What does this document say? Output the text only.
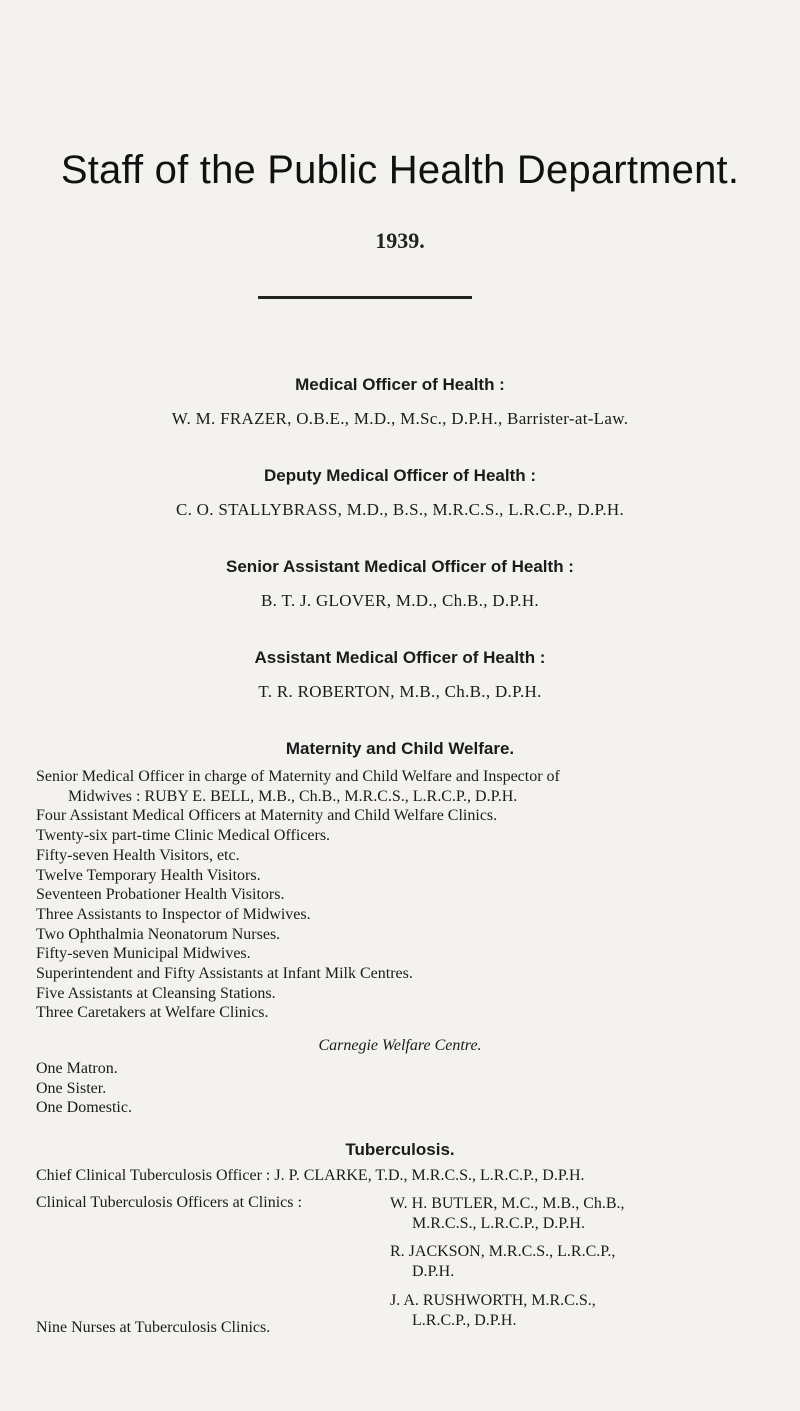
Staff of the Public Health Department.
1939.
Medical Officer of Health :
W. M. FRAZER, O.B.E., M.D., M.Sc., D.P.H., Barrister-at-Law.
Deputy Medical Officer of Health :
C. O. STALLYBRASS, M.D., B.S., M.R.C.S., L.R.C.P., D.P.H.
Senior Assistant Medical Officer of Health :
B. T. J. GLOVER, M.D., Ch.B., D.P.H.
Assistant Medical Officer of Health :
T. R. ROBERTON, M.B., Ch.B., D.P.H.
Maternity and Child Welfare.
Senior Medical Officer in charge of Maternity and Child Welfare and Inspector of
Midwives : RUBY E. BELL, M.B., Ch.B., M.R.C.S., L.R.C.P., D.P.H.
Four Assistant Medical Officers at Maternity and Child Welfare Clinics.
Twenty-six part-time Clinic Medical Officers.
Fifty-seven Health Visitors, etc.
Twelve Temporary Health Visitors.
Seventeen Probationer Health Visitors.
Three Assistants to Inspector of Midwives.
Two Ophthalmia Neonatorum Nurses.
Fifty-seven Municipal Midwives.
Superintendent and Fifty Assistants at Infant Milk Centres.
Five Assistants at Cleansing Stations.
Three Caretakers at Welfare Clinics.
Carnegie Welfare Centre.
One Matron.
One Sister.
One Domestic.
Tuberculosis.
Chief Clinical Tuberculosis Officer : J. P. CLARKE, T.D., M.R.C.S., L.R.C.P., D.P.H.
Clinical Tuberculosis Officers at Clinics :	W. H. BUTLER, M.C., M.B., Ch.B.,
M.R.C.S., L.R.C.P., D.P.H.
R. JACKSON, M.R.C.S., L.R.C.P.,
D.P.H.
J. A. RUSHWORTH, M.R.C.S.,
L.R.C.P., D.P.H.
Nine Nurses at Tuberculosis Clinics.
